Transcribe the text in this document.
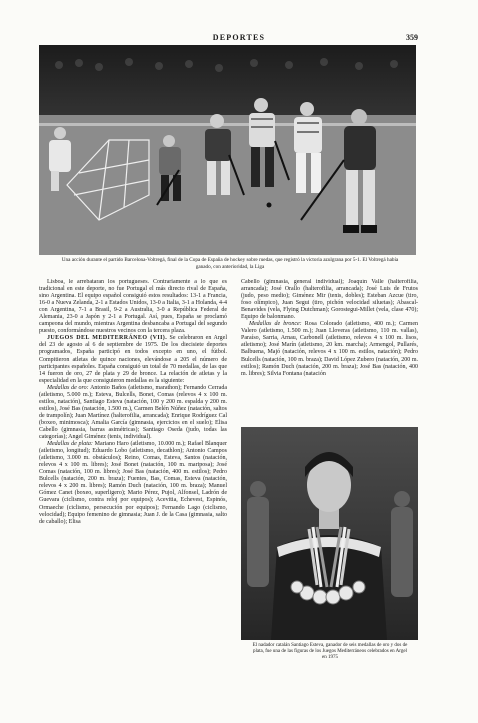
DEPORTES	359
Una acción durante el partido Barcelona-Voltregá, final de la Copa de España de hockey sobre ruedas, que registró la victoria azulgrana por 5-1. El Voltregá había ganado, con anterioridad, la Liga

Lisboa, le arrebataran los portugueses. Contrariamente a lo que es tradicional en este deporte, no fue Portugal el más directo rival de España, sino Argentina. El equipo español consiguió estos resultados: 13-1 a Francia, 16-0 a Nueva Zelanda, 2-1 a Estados Unidos, 13-0 a Italia, 3-1 a Holanda, 4-4 con Argentina, 7-1 a Brasil, 9-2 a Australia, 3-0 a República Federal de Alemania, 23-0 a Japón y 2-1 a Portugal. Así, pues, España se proclamó campeona del mundo, mientras Argentina desbancaba a Portugal del segundo puesto, conformándose nuestros vecinos con la tercera plaza.

JUEGOS DEL MEDITERRÁNEO (VII). Se celebraron en Argel del 23 de agosto al 6 de septiembre de 1975. De los diecisiete deportes programados, España participó en todos excepto en uno, el fútbol. Compitieron atletas de quince naciones, elevándose a 205 el número de participantes españoles. España consiguió un total de 70 medallas, de las que 14 fueron de oro, 27 de plata y 29 de bronce. La relación de atletas y la especialidad en la que consiguieron medallas es la siguiente:

Medallas de oro: Antonio Baños (atletismo, marathon); Fernando Cerrada (atletismo, 5.000 m.); Esteva, Bulcells, Bonet, Comas (relevos 4 x 100 m. estilos, natación), Santiago Esteva (natación, 100 y 200 m. espalda y 200 m. estilos), José Bas (natación, 1.500 m.), Carmen Belén Núñez (natación, saltos de trampolín); Juan Martínez (halterofilia, arrancada); Enrique Rodríguez Cal (boxeo, minimosca); Amalia García (gimnasia, ejercicios en el suelo); Elisa Cabello (gimnasia, barras asimétricas); Santiago Oseda (judo, todas las categorías); Angel Giménez (tenis, individual).

Medallas de plata: Mariano Haro (atletismo, 10.000 m.); Rafael Blanquer (atletismo, longitud); Eduardo Lobo (atletismo, decathlon); Antonio Campos (atletismo, 3.000 m. obstáculos); Reino, Comas, Esteva, Santos (natación, relevos 4 x 100 m. libres); José Bonet (natación, 100 m. mariposa); José Comas (natación, 100 m. libres); José Bas (natación, 400 m. estilos); Pedro Bulcells (natación, 200 m. braza); Fuentes, Bas, Comas, Esteva (natación, relevos 4 x 200 m. libres); Ramón Duch (natación, 100 m. braza); Manuel Gómez Canet (boxeo, superligero); Mario Pérez, Pujol, Alfonsel, Ladrón de Guevara (ciclismo, contra reloj por equipos); Acevitia, Echevest, Espinós, Ormaeche (ciclismo, persecución por equipos); Fernando Lago (ciclismo, velocidad); Equipo femenino de gimnasia; Juan J. de la Casa (gimnasia, salto de caballo); Elisa

Cabello (gimnasia, general individual); Joaquín Valle (halterofilia, arrancada); José Orallo (halterofilia, arrancada); José Luis de Frutos (judo, peso medio); Giménez Mir (tenis, dobles); Esteban Azcue (tiro, foso olímpico), Juan Segui (tiro, pichón velocidad siluetas); Abascal-Benavides (vela, Flying Dutchman); Gorostegui-Millet (vela, clase 470); Equipo de balonmano.

Medallas de bronce: Rosa Colorado (atletismo, 400 m.); Carmen Valero (atletismo, 1.500 m.); Juan Lloveras (atletismo, 110 m. vallas), Paraíso, Sarria, Arnau, Carbonell (atletismo, relevos 4 x 100 m. lisos, atletismo); José Marín (atletismo, 20 km. marcha); Armengol, Pullarés, Balbuena, Majó (natación, relevos 4 x 100 m. estilos, natación); Pedro Bulcells (natación, 100 m. braza); David López Zubero (natación, 200 m. estilos); Ramón Duch (natación, 200 m. braza); José Bas (natación, 400 m. libres); Silvia Fontana (natación

El nadador catalán Santiago Esteva, ganador de seis medallas de oro y dos de plata, fue una de las figuras de los Juegos Mediterráneos celebrados en Argel en 1975
